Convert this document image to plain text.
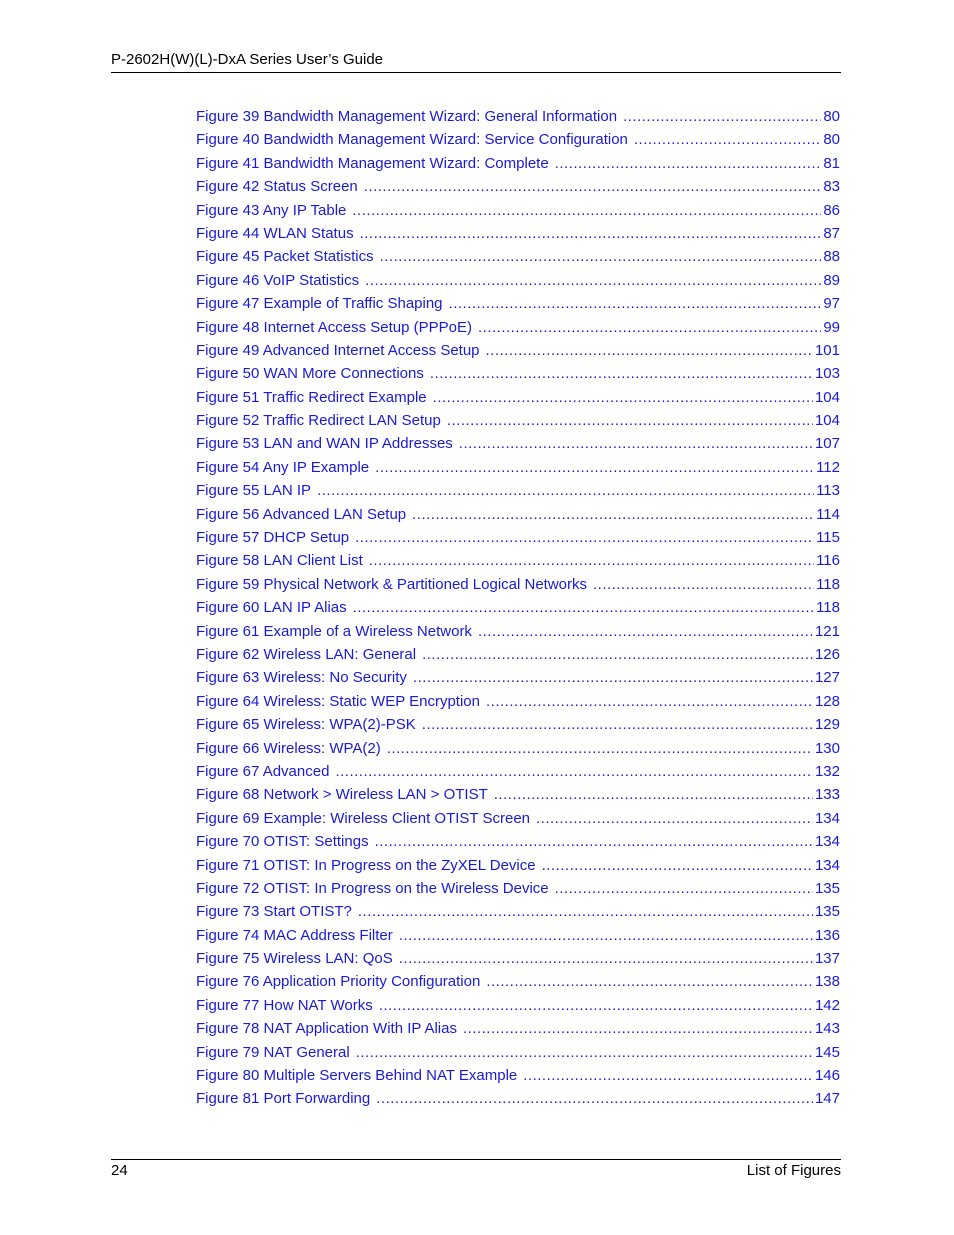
P-2602H(W)(L)-DxA Series User’s Guide
Figure 39 Bandwidth Management Wizard: General Information .....	80
Figure 40 Bandwidth Management Wizard: Service Configuration .....	80
Figure 41 Bandwidth Management Wizard: Complete .....	81
Figure 42 Status Screen .....	83
Figure 43 Any IP Table .....	86
Figure 44 WLAN Status .....	87
Figure 45 Packet Statistics .....	88
Figure 46 VoIP Statistics .....	89
Figure 47 Example of Traffic Shaping .....	97
Figure 48 Internet Access Setup (PPPoE) .....	99
Figure 49 Advanced Internet Access Setup .....	101
Figure 50 WAN More Connections .....	103
Figure 51 Traffic Redirect Example .....	104
Figure 52 Traffic Redirect LAN Setup .....	104
Figure 53 LAN and WAN IP Addresses .....	107
Figure 54 Any IP Example .....	112
Figure 55 LAN IP .....	113
Figure 56 Advanced LAN Setup .....	114
Figure 57 DHCP Setup .....	115
Figure 58 LAN Client List .....	116
Figure 59 Physical Network & Partitioned Logical Networks .....	118
Figure 60 LAN IP Alias .....	118
Figure 61 Example of a Wireless Network .....	121
Figure 62 Wireless LAN: General .....	126
Figure 63 Wireless: No Security .....	127
Figure 64 Wireless: Static WEP Encryption .....	128
Figure 65 Wireless: WPA(2)-PSK .....	129
Figure 66 Wireless: WPA(2) .....	130
Figure 67 Advanced .....	132
Figure 68 Network > Wireless LAN > OTIST .....	133
Figure 69 Example: Wireless Client OTIST Screen .....	134
Figure 70 OTIST: Settings .....	134
Figure 71 OTIST: In Progress on the ZyXEL Device .....	134
Figure 72 OTIST: In Progress on the Wireless Device .....	135
Figure 73 Start OTIST? .....	135
Figure 74 MAC Address Filter .....	136
Figure 75 Wireless LAN: QoS .....	137
Figure 76 Application Priority Configuration .....	138
Figure 77 How NAT Works .....	142
Figure 78 NAT Application With IP Alias .....	143
Figure 79 NAT General .....	145
Figure 80 Multiple Servers Behind NAT Example .....	146
Figure 81 Port Forwarding .....	147
24	List of Figures
